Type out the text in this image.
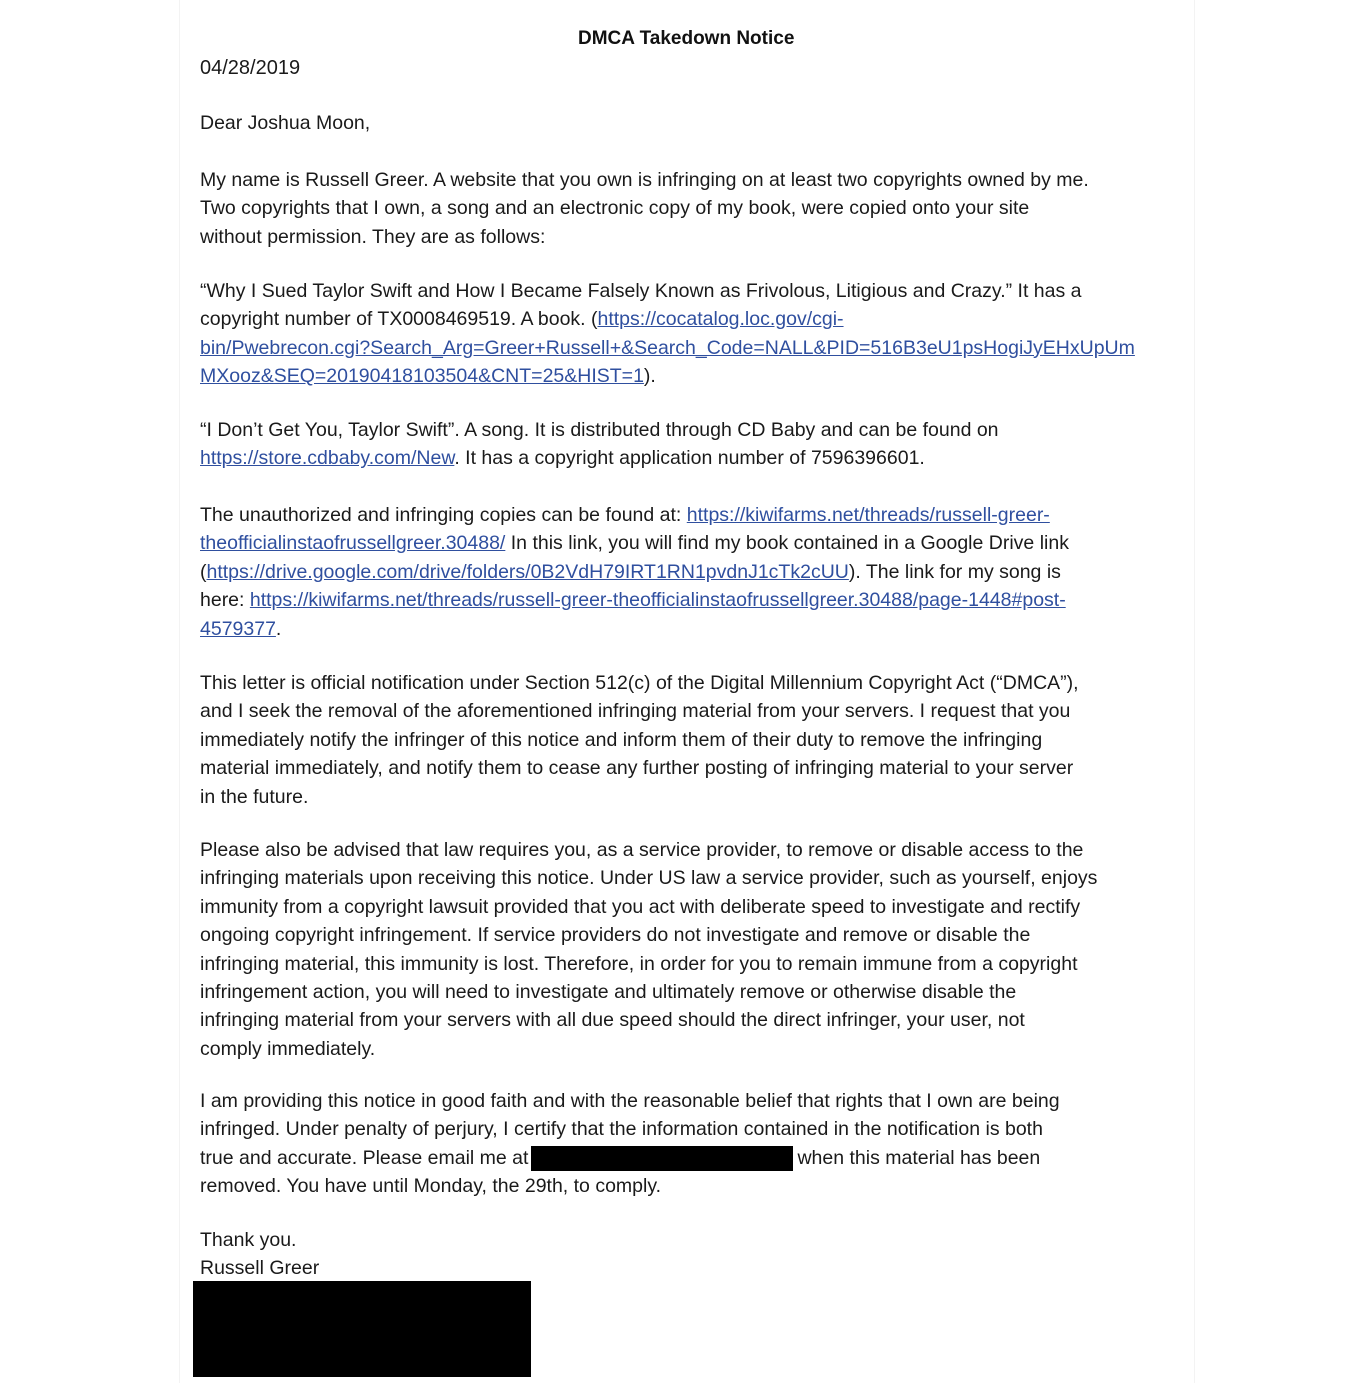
DMCA Takedown Notice
04/28/2019

Dear Joshua Moon,

My name is Russell Greer. A website that you own is infringing on at least two copyrights owned by me.
Two copyrights that I own, a song and an electronic copy of my book, were copied onto your site
without permission. They are as follows:

“Why I Sued Taylor Swift and How I Became Falsely Known as Frivolous, Litigious and Crazy.” It has a
copyright number of TX0008469519. A book. (https://cocatalog.loc.gov/cgi-
bin/Pwebrecon.cgi?Search_Arg=Greer+Russell+&Search_Code=NALL&PID=516B3eU1psHogiJyEHxUpUm
MXooz&SEQ=20190418103504&CNT=25&HIST=1).

“I Don’t Get You, Taylor Swift”. A song. It is distributed through CD Baby and can be found on
https://store.cdbaby.com/New. It has a copyright application number of 7596396601.

The unauthorized and infringing copies can be found at: https://kiwifarms.net/threads/russell-greer-
theofficialinstaofrussellgreer.30488/ In this link, you will find my book contained in a Google Drive link
(https://drive.google.com/drive/folders/0B2VdH79IRT1RN1pvdnJ1cTk2cUU). The link for my song is
here: https://kiwifarms.net/threads/russell-greer-theofficialinstaofrussellgreer.30488/page-1448#post-
4579377.

This letter is official notification under Section 512(c) of the Digital Millennium Copyright Act (“DMCA”),
and I seek the removal of the aforementioned infringing material from your servers. I request that you
immediately notify the infringer of this notice and inform them of their duty to remove the infringing
material immediately, and notify them to cease any further posting of infringing material to your server
in the future.

Please also be advised that law requires you, as a service provider, to remove or disable access to the
infringing materials upon receiving this notice. Under US law a service provider, such as yourself, enjoys
immunity from a copyright lawsuit provided that you act with deliberate speed to investigate and rectify
ongoing copyright infringement. If service providers do not investigate and remove or disable the
infringing material, this immunity is lost. Therefore, in order for you to remain immune from a copyright
infringement action, you will need to investigate and ultimately remove or otherwise disable the
infringing material from your servers with all due speed should the direct infringer, your user, not
comply immediately.

I am providing this notice in good faith and with the reasonable belief that rights that I own are being
infringed. Under penalty of perjury, I certify that the information contained in the notification is both
true and accurate. Please email me at	when this material has been
removed. You have until Monday, the 29th, to comply.

Thank you.
Russell Greer
